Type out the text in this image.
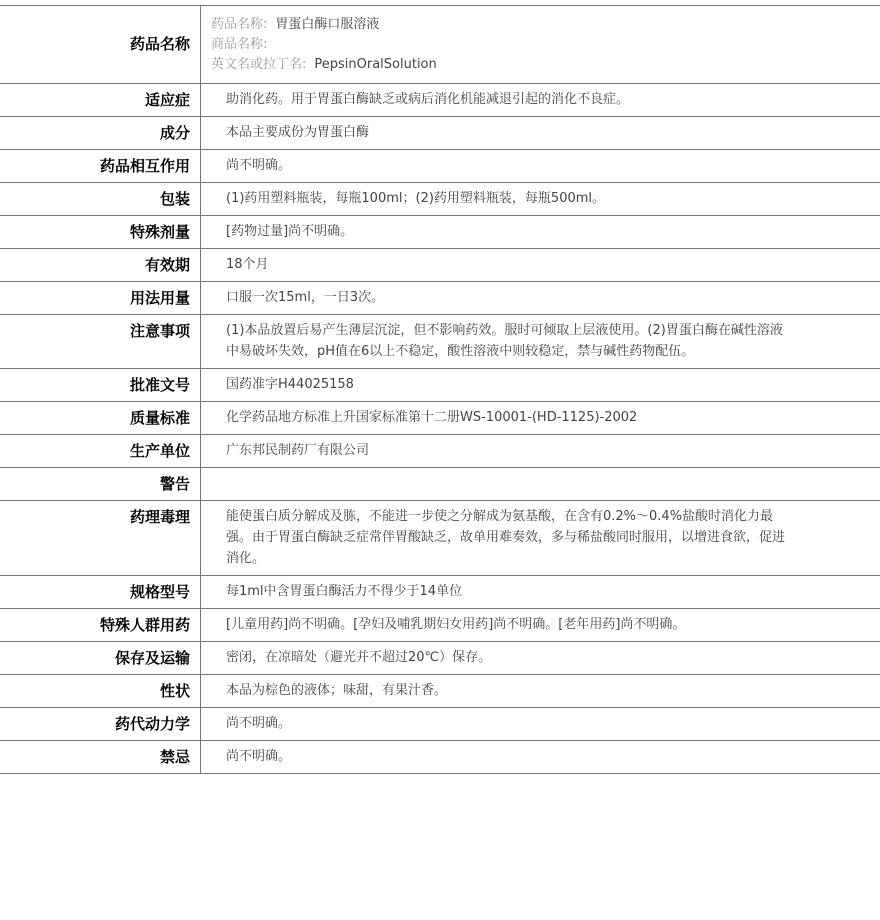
药品名称	药品名称: 胃蛋白酶口服溶液
商品名称:
英文名或拉丁名: PepsinOralSolution

适应症	助消化药。用于胃蛋白酶缺乏或病后消化机能减退引起的消化不良症。
成分	本品主要成份为胃蛋白酶
药品相互作用	尚不明确。
包装	(1)药用塑料瓶装，每瓶100ml；(2)药用塑料瓶装，每瓶500ml。
特殊剂量	[药物过量]尚不明确。
有效期	18个月
用法用量	口服一次15ml，一日3次。
注意事项	(1)本品放置后易产生薄层沉淀，但不影响药效。服时可倾取上层液使用。(2)胃蛋白酶在碱性溶液中易破坏失效，pH值在6以上不稳定，酸性溶液中则较稳定，禁与碱性药物配伍。
批准文号	国药准字H44025158
质量标准	化学药品地方标准上升国家标准第十二册WS-10001-(HD-1125)-2002
生产单位	广东邦民制药厂有限公司
警告	
药理毒理	能使蛋白质分解成及胨，不能进一步使之分解成为氨基酸，在含有0.2%～0.4%盐酸时消化力最强。由于胃蛋白酶缺乏症常伴胃酸缺乏，故单用难奏效，多与稀盐酸同时服用，以增进食欲，促进消化。
规格型号	每1ml中含胃蛋白酶活力不得少于14单位
特殊人群用药	[儿童用药]尚不明确。[孕妇及哺乳期妇女用药]尚不明确。[老年用药]尚不明确。
保存及运输	密闭，在凉暗处（避光并不超过20℃）保存。
性状	本品为棕色的液体；味甜，有果汁香。
药代动力学	尚不明确。
禁忌	尚不明确。
